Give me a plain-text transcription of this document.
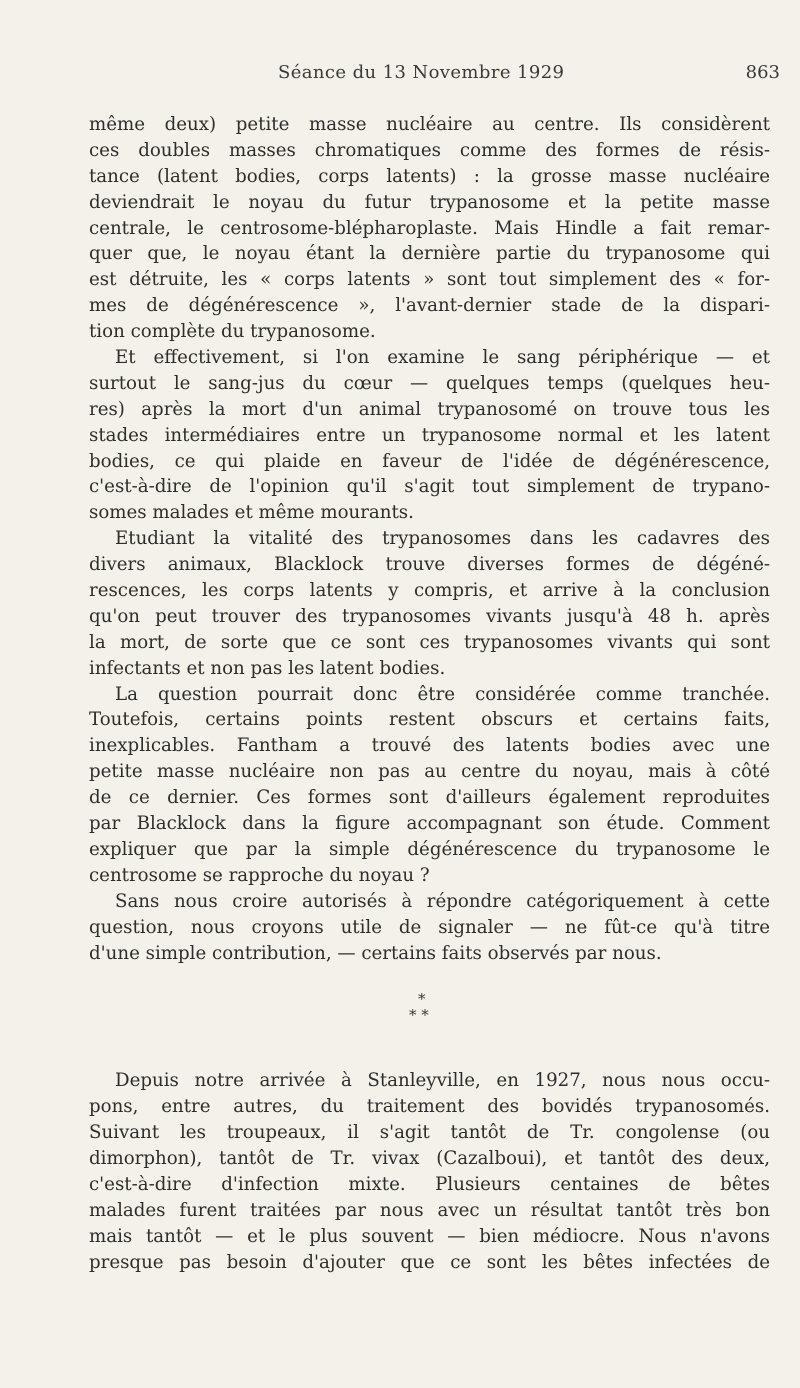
Séance du 13 Novembre 1929	863
même deux) petite masse nucléaire au centre. Ils considèrent
ces doubles masses chromatiques comme des formes de résis-
tance (latent bodies, corps latents) : la grosse masse nucléaire
deviendrait le noyau du futur trypanosome et la petite masse
centrale, le centrosome-blépharoplaste. Mais Hindle a fait remar-
quer que, le noyau étant la dernière partie du trypanosome qui
est détruite, les « corps latents » sont tout simplement des « for-
mes de dégénérescence », l'avant-dernier stade de la dispari-
tion complète du trypanosome.
Et effectivement, si l'on examine le sang périphérique — et
surtout le sang-jus du cœur — quelques temps (quelques heu-
res) après la mort d'un animal trypanosomé on trouve tous les
stades intermédiaires entre un trypanosome normal et les latent
bodies, ce qui plaide en faveur de l'idée de dégénérescence,
c'est-à-dire de l'opinion qu'il s'agit tout simplement de trypano-
somes malades et même mourants.
Etudiant la vitalité des trypanosomes dans les cadavres des
divers animaux, Blacklock trouve diverses formes de dégéné-
rescences, les corps latents y compris, et arrive à la conclusion
qu'on peut trouver des trypanosomes vivants jusqu'à 48 h. après
la mort, de sorte que ce sont ces trypanosomes vivants qui sont
infectants et non pas les latent bodies.
La question pourrait donc être considérée comme tranchée.
Toutefois, certains points restent obscurs et certains faits,
inexplicables. Fantham a trouvé des latents bodies avec une
petite masse nucléaire non pas au centre du noyau, mais à côté
de ce dernier. Ces formes sont d'ailleurs également reproduites
par Blacklock dans la figure accompagnant son étude. Comment
expliquer que par la simple dégénérescence du trypanosome le
centrosome se rapproche du noyau ?
Sans nous croire autorisés à répondre catégoriquement à cette
question, nous croyons utile de signaler — ne fût-ce qu'à titre
d'une simple contribution, — certains faits observés par nous.
*
* *
Depuis notre arrivée à Stanleyville, en 1927, nous nous occu-
pons, entre autres, du traitement des bovidés trypanosomés.
Suivant les troupeaux, il s'agit tantôt de Tr. congolense (ou
dimorphon), tantôt de Tr. vivax (Cazalboui), et tantôt des deux,
c'est-à-dire d'infection mixte. Plusieurs centaines de bêtes
malades furent traitées par nous avec un résultat tantôt très bon
mais tantôt — et le plus souvent — bien médiocre. Nous n'avons
presque pas besoin d'ajouter que ce sont les bêtes infectées de
